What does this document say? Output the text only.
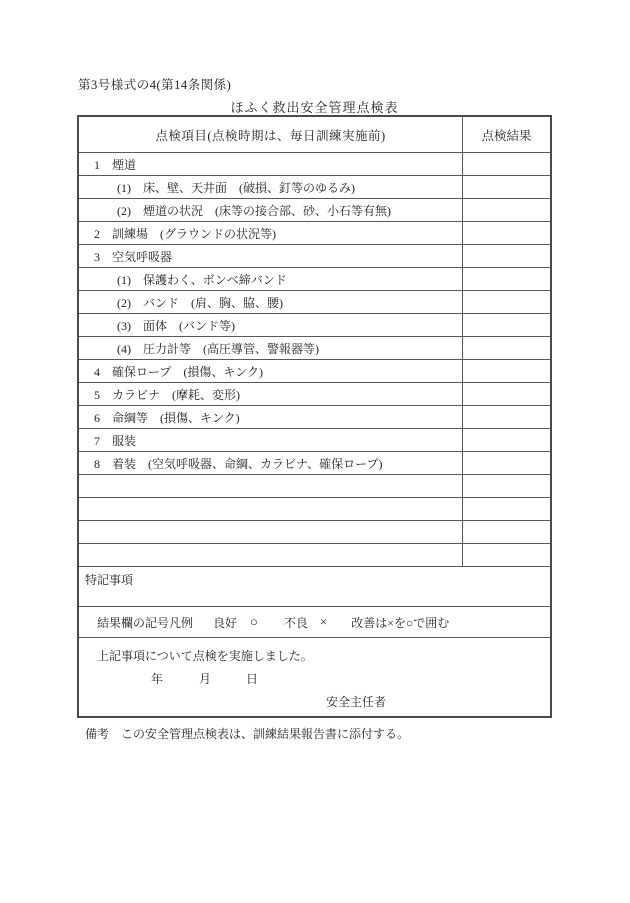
第3号様式の4(第14条関係)
ほふく救出安全管理点検表
点検項目(点検時期は、毎日訓練実施前)	点検結果
1　煙道
(1)　床、壁、天井面　(破損、釘等のゆるみ)
(2)　煙道の状況　(床等の接合部、砂、小石等有無)
2　訓練場　(グラウンドの状況等)
3　空気呼吸器
(1)　保護わく、ボンベ締バンド
(2)　バンド　(肩、胸、脇、腰)
(3)　面体　(バンド等)
(4)　圧力計等　(高圧導管、警報器等)
4　確保ロープ　(損傷、キンク)
5　カラビナ　(摩耗、変形)
6　命綱等　(損傷、キンク)
7　服装
8　着装　(空気呼吸器、命綱、カラビナ、確保ロープ)
特記事項
結果欄の記号凡例 良好 ○ 不良 × 改善は×を○で囲む
上記事項について点検を実施しました。
年	月	日
安全主任者
備考　この安全管理点検表は、訓練結果報告書に添付する。
